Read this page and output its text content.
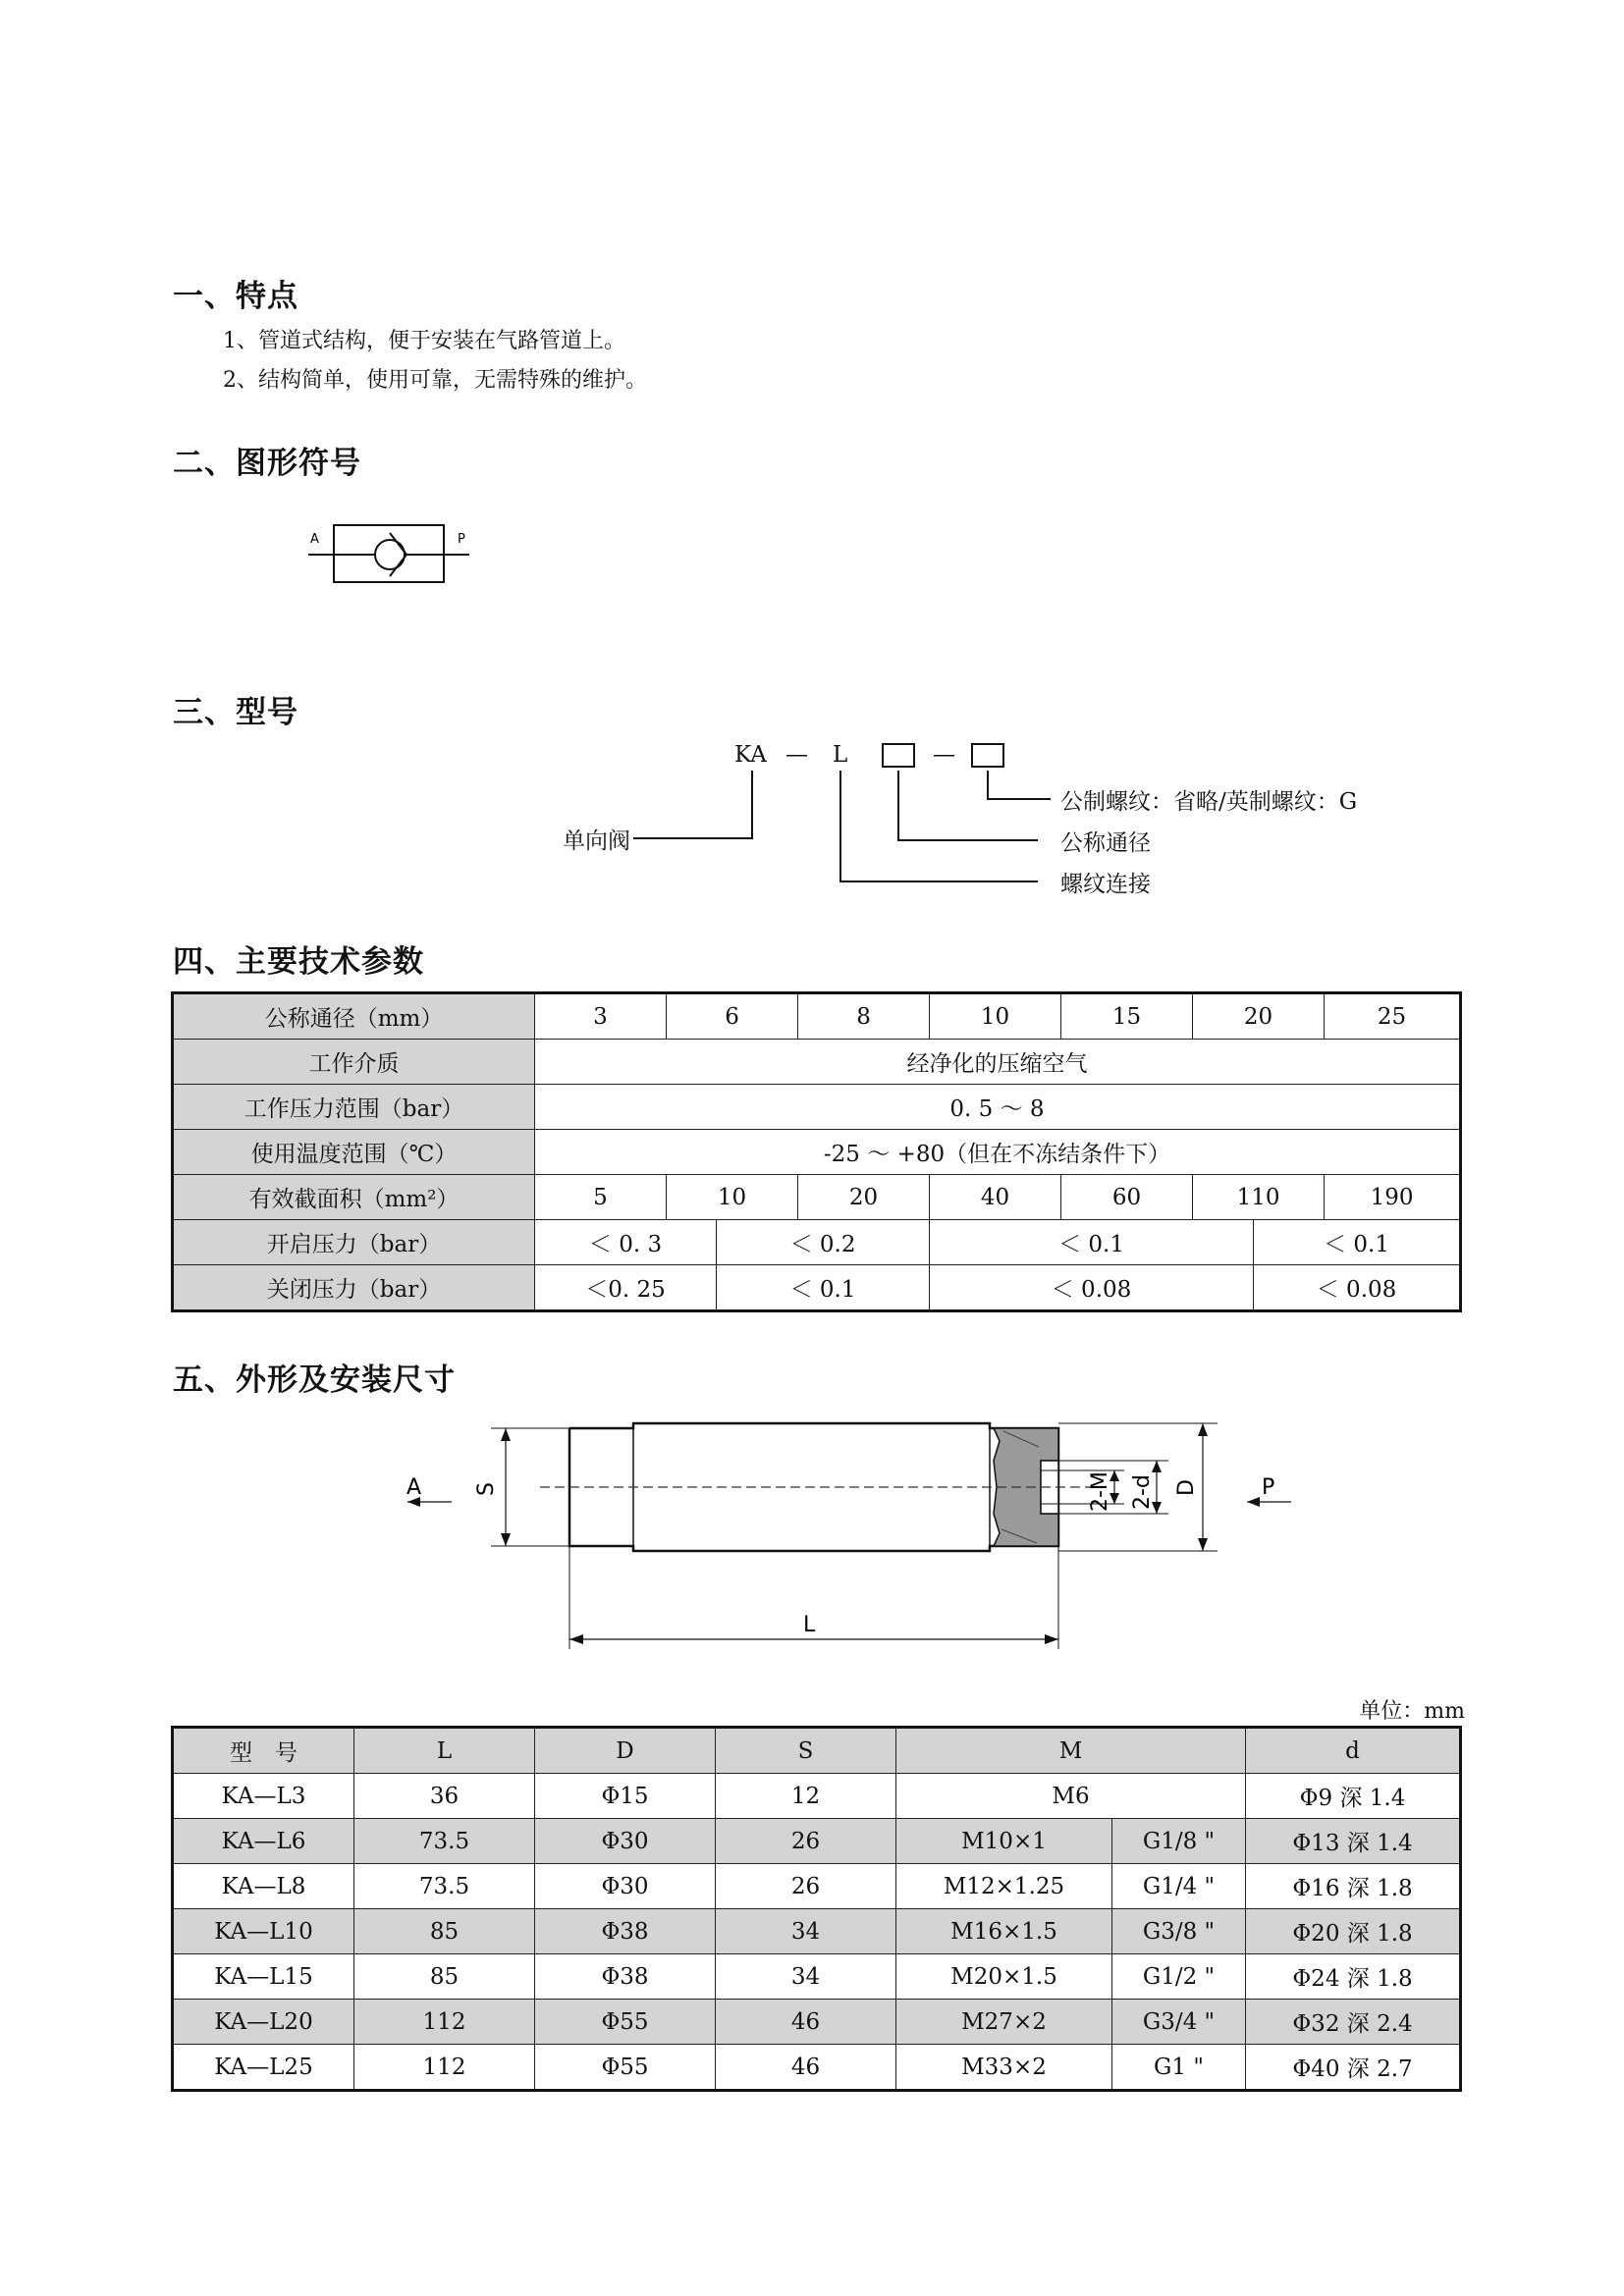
一、特点
1、管道式结构，便于安装在气路管道上。
2、结构简单，使用可靠，无需特殊的维护。
二、图形符号
A	P
三、型号
KA — L	—
单向阀
公制螺纹：省略/英制螺纹：G
公称通径
螺纹连接
四、主要技术参数
公称通径（mm）	3	6		8	10	15	20		25
工作介质	经净化的压缩空气								
工作压力范围（bar）	0. 5 ～ 8								
使用温度范围（℃）	-25 ～ +80（但在不冻结条件下）								
有效截面积（mm²）	5	10		20	40	60	110		190
开启压力（bar）	＜ 0. 3		＜ 0.2		＜ 0.1			＜ 0.1	
关闭压力（bar）	＜0. 25		＜ 0.1		＜ 0.08			＜ 0.08	
五、外形及安装尺寸
A	P
S	D
2-d
2-M
L
单位：mm
型　号	L	D	S	M		d
KA—L3	36	Φ15	12	M6		Φ9 深 1.4
KA—L6	73.5	Φ30	26	M10×1	G1/8 "	Φ13 深 1.4
KA—L8	73.5	Φ30	26	M12×1.25	G1/4 "	Φ16 深 1.8
KA—L10	85	Φ38	34	M16×1.5	G3/8 "	Φ20 深 1.8
KA—L15	85	Φ38	34	M20×1.5	G1/2 "	Φ24 深 1.8
KA—L20	112	Φ55	46	M27×2	G3/4 "	Φ32 深 2.4
KA—L25	112	Φ55	46	M33×2	G1 "	Φ40 深 2.7
